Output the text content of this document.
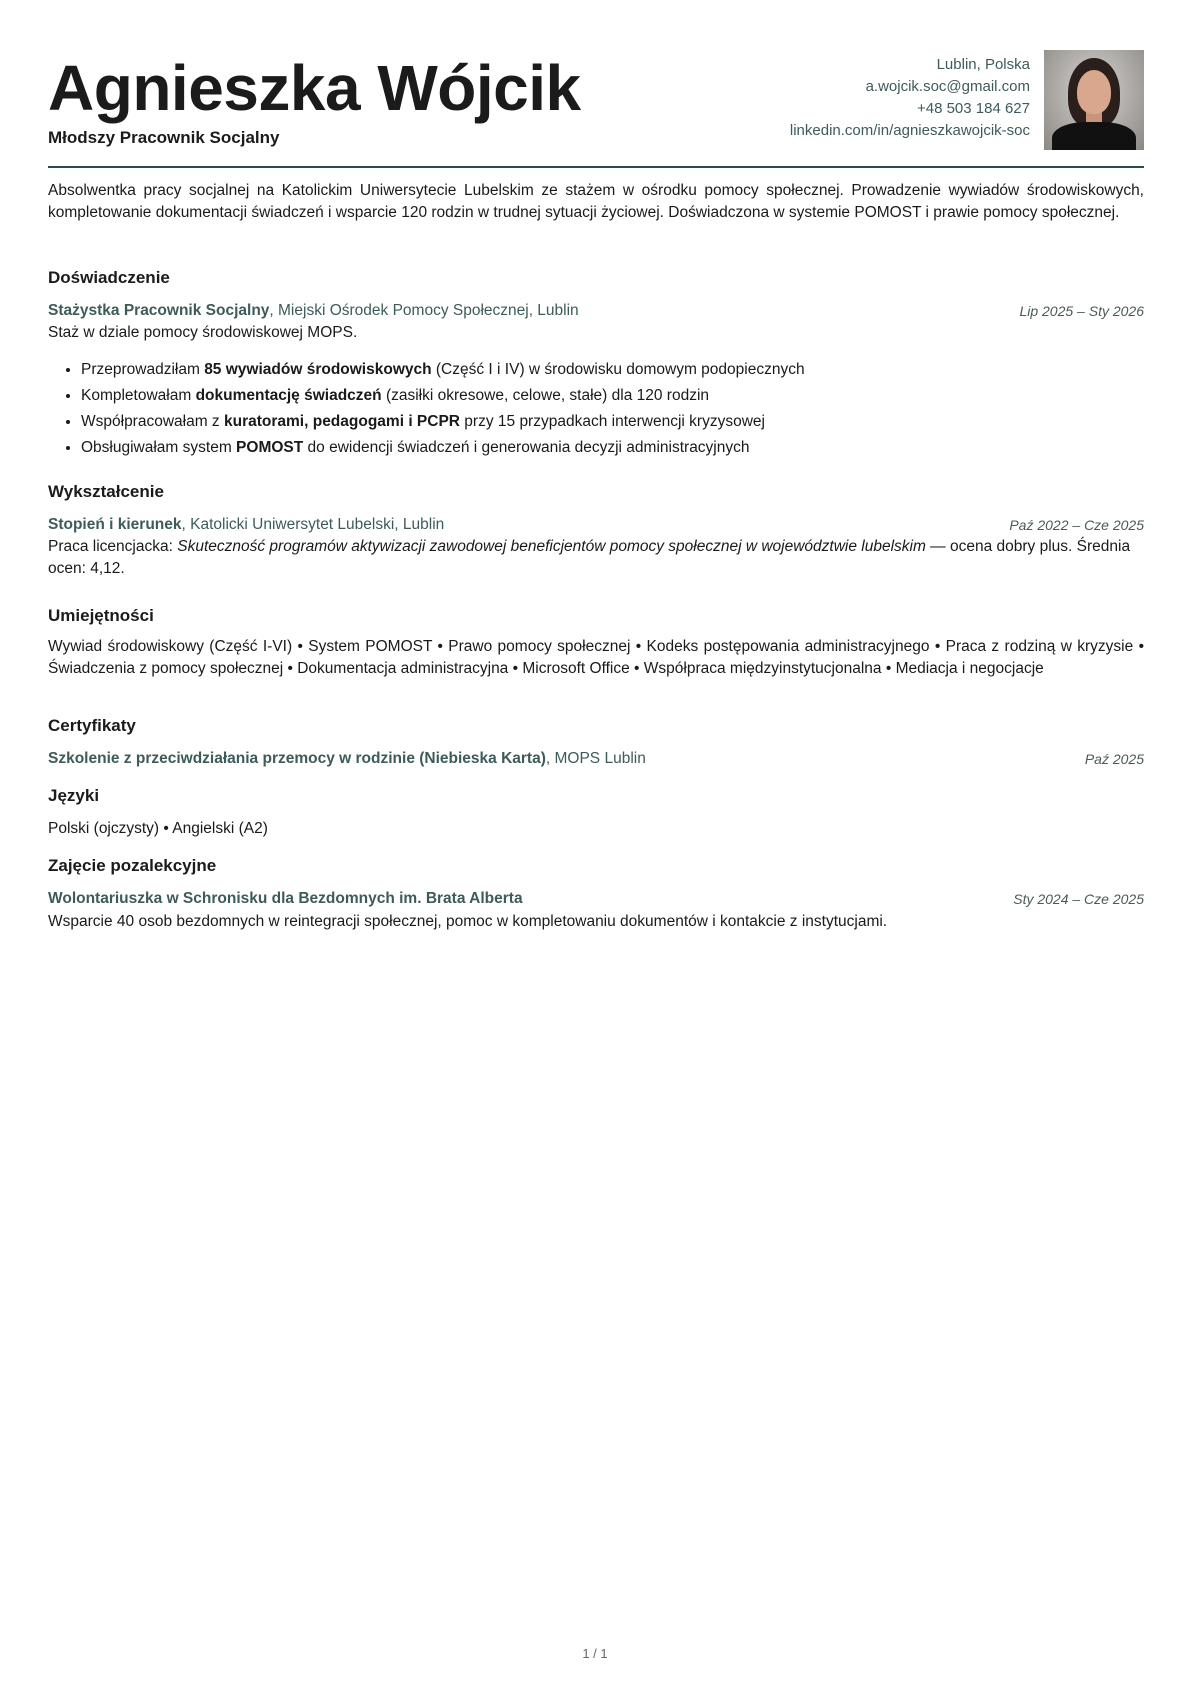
Agnieszka Wójcik
Młodszy Pracownik Socjalny
Lublin, Polska
a.wojcik.soc@gmail.com
+48 503 184 627
linkedin.com/in/agnieszkawojcik-soc
Absolwentka pracy socjalnej na Katolickim Uniwersytecie Lubelskim ze stażem w ośrodku pomocy społecznej. Prowadzenie wywiadów środowiskowych, kompletowanie dokumentacji świadczeń i wsparcie 120 rodzin w trudnej sytuacji życiowej. Doświadczona w systemie POMOST i prawie pomocy społecznej.
Doświadczenie
Stażystka Pracownik Socjalny, Miejski Ośrodek Pomocy Społecznej, Lublin	Lip 2025 – Sty 2026
Staż w dziale pomocy środowiskowej MOPS.
• Przeprowadziłam 85 wywiadów środowiskowych (Część I i IV) w środowisku domowym podopiecznych
• Kompletowałam dokumentację świadczeń (zasiłki okresowe, celowe, stałe) dla 120 rodzin
• Współpracowałam z kuratorami, pedagogami i PCPR przy 15 przypadkach interwencji kryzysowej
• Obsługiwałam system POMOST do ewidencji świadczeń i generowania decyzji administracyjnych
Wykształcenie
Stopień i kierunek, Katolicki Uniwersytet Lubelski, Lublin	Paź 2022 – Cze 2025
Praca licencjacka: Skuteczność programów aktywizacji zawodowej beneficjentów pomocy społecznej w województwie lubelskim — ocena dobry plus. Średnia ocen: 4,12.
Umiejętności
Wywiad środowiskowy (Część I-VI) • System POMOST • Prawo pomocy społecznej • Kodeks postępowania administracyjnego • Praca z rodziną w kryzysie • Świadczenia z pomocy społecznej • Dokumentacja administracyjna • Microsoft Office • Współpraca międzyinstytucjonalna • Mediacja i negocjacje
Certyfikaty
Szkolenie z przeciwdziałania przemocy w rodzinie (Niebieska Karta), MOPS Lublin	Paź 2025
Języki
Polski (ojczysty) • Angielski (A2)
Zajęcie pozalekcyjne
Wolontariuszka w Schronisku dla Bezdomnych im. Brata Alberta	Sty 2024 – Cze 2025
Wsparcie 40 osob bezdomnych w reintegracji społecznej, pomoc w kompletowaniu dokumentów i kontakcie z instytucjami.
1 / 1
